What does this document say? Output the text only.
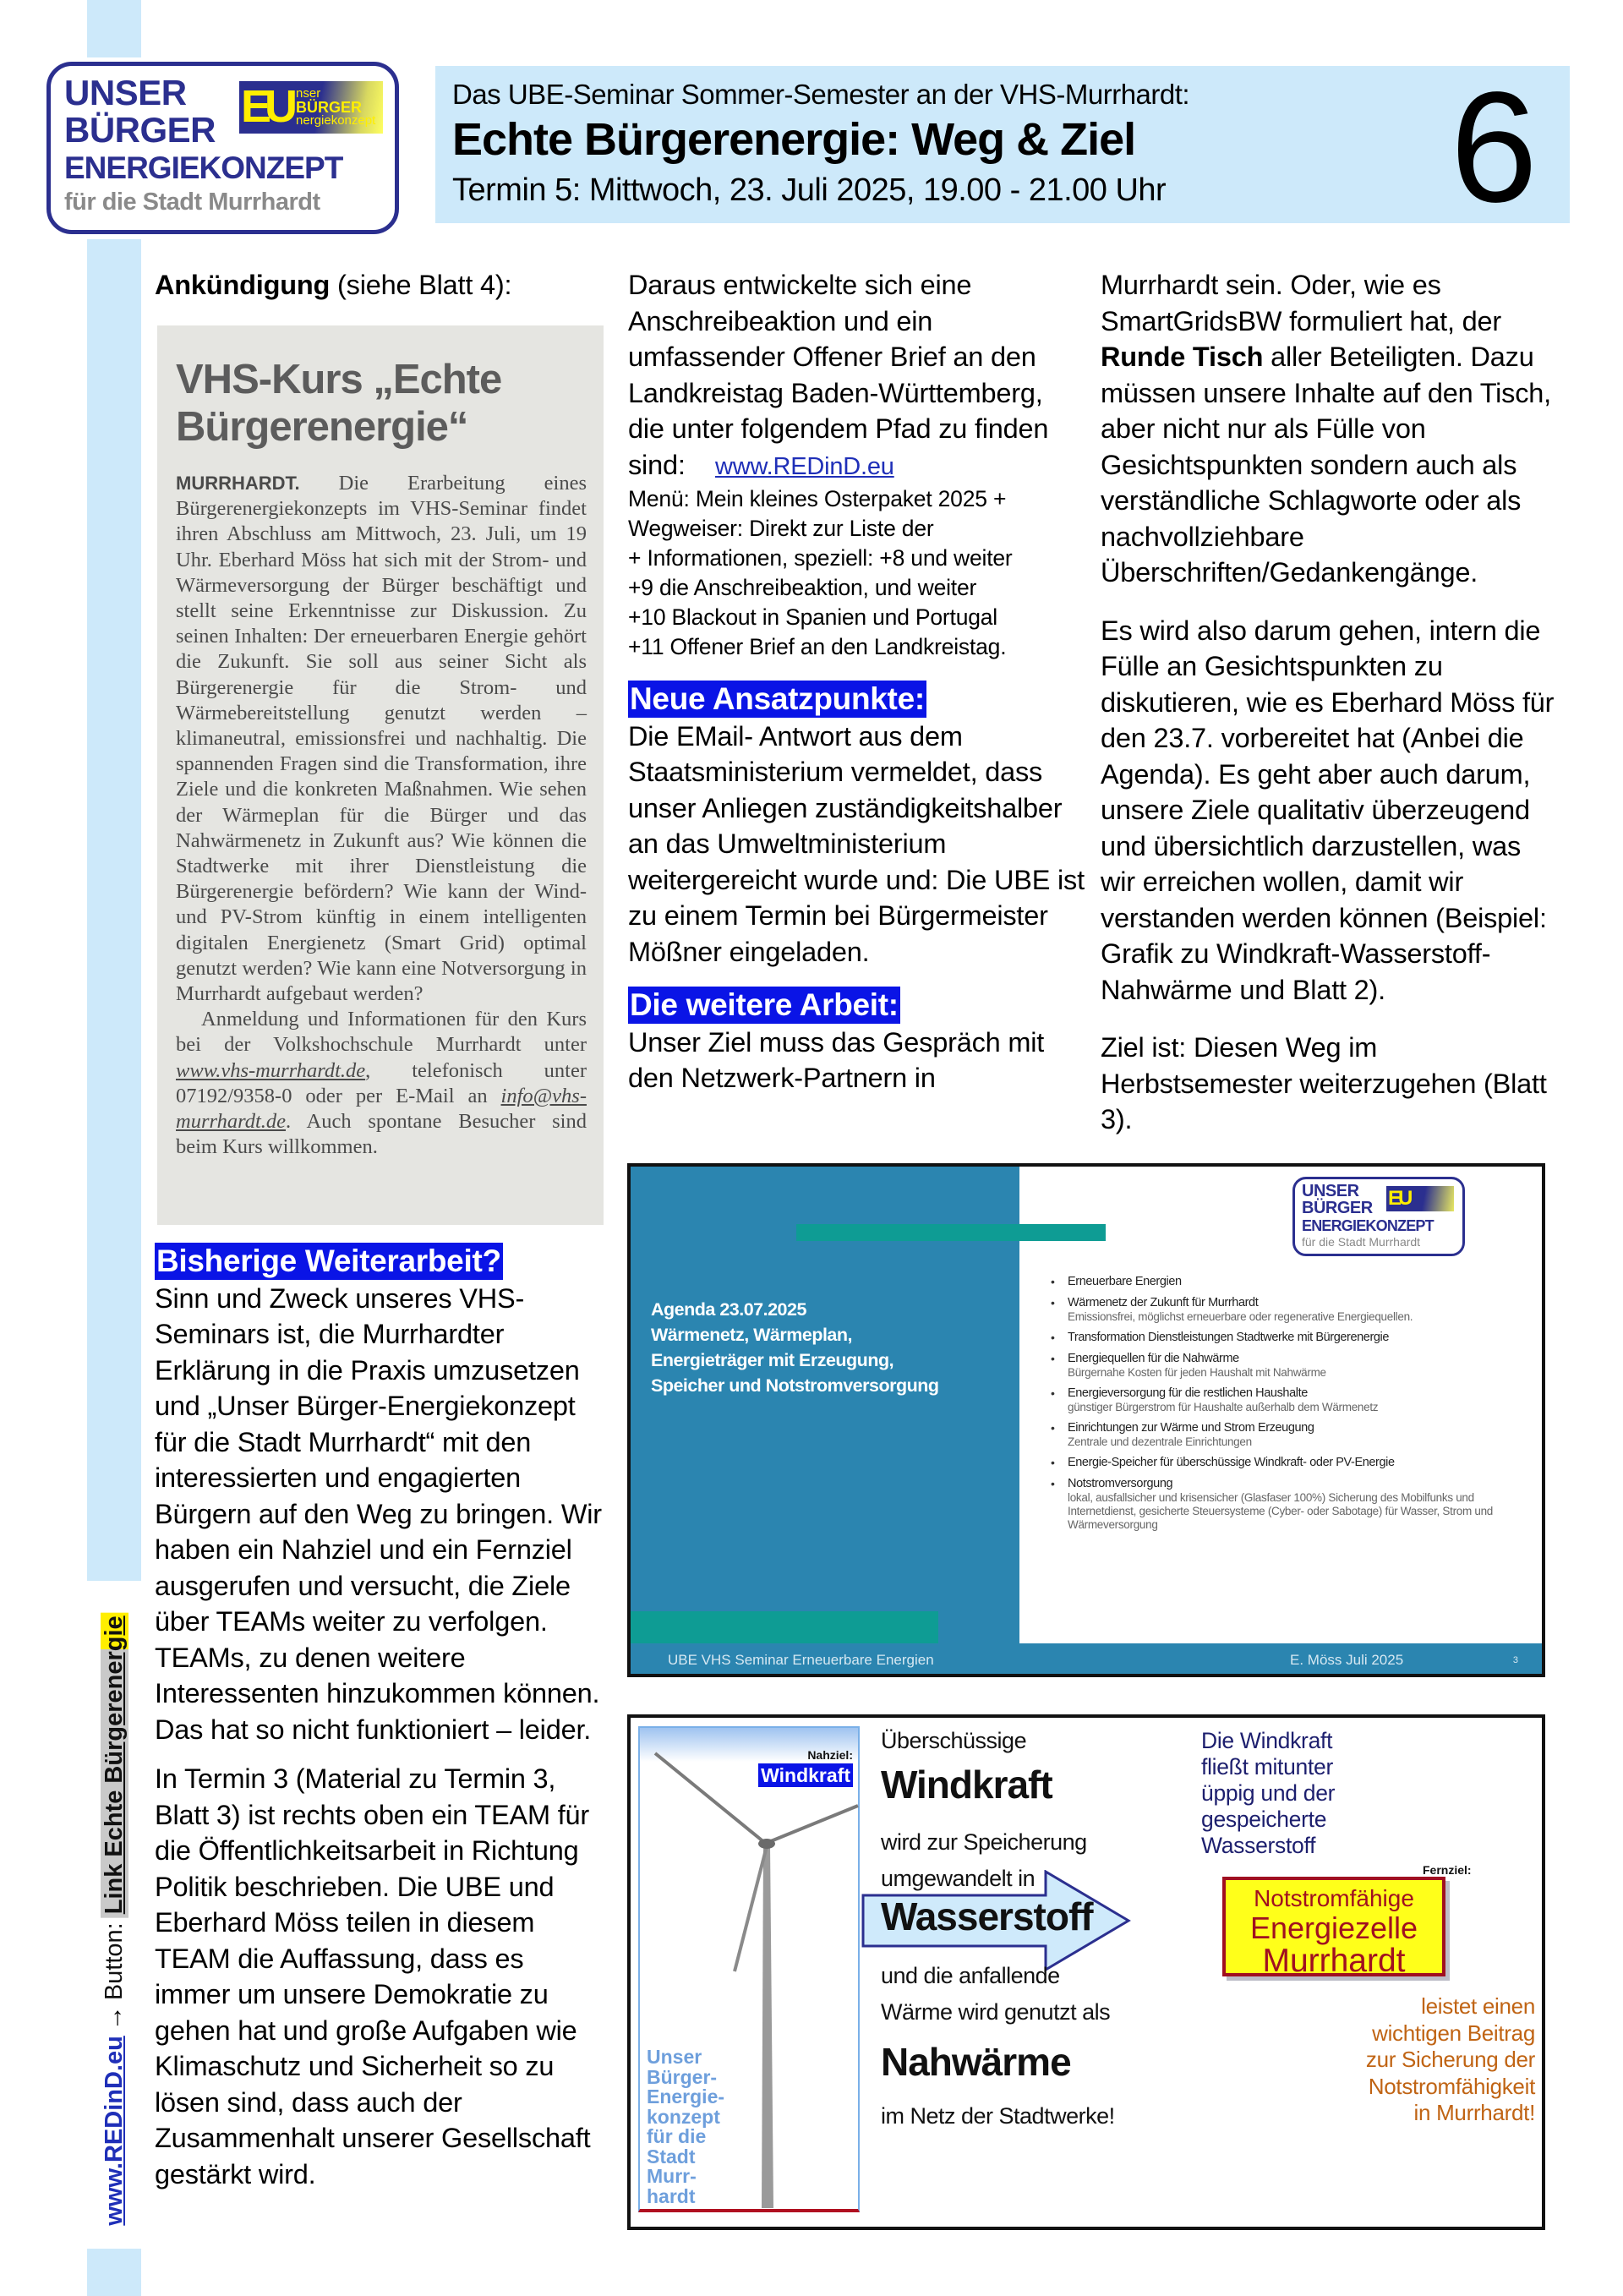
www.REDinD.eu
→
Button:
Link Echte Bürgerenergie
UNSER
BÜRGER
ENERGIEKONZEPT
für die Stadt Murrhardt
EU nser
BÜRGER
nergiekonzept
Das UBE-Seminar Sommer-Semester an der VHS-Murrhardt:
Echte Bürgerenergie: Weg & Ziel
Termin 5: Mittwoch, 23. Juli 2025, 19.00 - 21.00 Uhr 6

Ankündigung (siehe Blatt 4):

VHS-Kurs „Echte
Bürgerenergie“
MURRHARDT. Die Erarbeitung eines Bürgerenergiekonzepts im VHS-Seminar findet ihren Abschluss am Mittwoch, 23. Juli, um 19 Uhr. Eberhard Möss hat sich mit der Strom- und Wärmeversorgung der Bürger beschäftigt und stellt seine Erkenntnisse zur Diskussion. Zu seinen Inhalten: Der erneuerbaren Energie gehört die Zukunft. Sie soll aus seiner Sicht als Bürgerenergie für die Strom- und Wärmebereitstellung genutzt werden – klimaneutral, emissionsfrei und nachhaltig. Die spannenden Fragen sind die Transformation, ihre Ziele und die konkreten Maßnahmen. Wie sehen der Wärmeplan für die Bürger und das Nahwärmenetz in Zukunft aus? Wie können die Stadtwerke mit ihrer Dienstleistung die Bürgerenergie befördern? Wie kann der Wind- und PV-Strom künftig in einem intelligenten digitalen Energienetz (Smart Grid) optimal genutzt werden? Wie kann eine Notversorgung in Murrhardt aufgebaut werden?
Anmeldung und Informationen für den Kurs bei der Volkshochschule Murrhardt unter www.vhs-murrhardt.de, telefonisch unter 07192/9358-0 oder per E-Mail an info@vhs-murrhardt.de. Auch spontane Besucher sind beim Kurs willkommen.
Bisherige Weiterarbeit?

Sinn und Zweck unseres VHS-Seminars ist, die Murrhardter Erklärung in die Praxis umzusetzen und „Unser Bürger-Energiekonzept für die Stadt Murrhardt“ mit den interessierten und engagierten Bürgern auf den Weg zu bringen. Wir haben ein Nahziel und ein Fernziel ausgerufen und versucht, die Ziele über TEAMs weiter zu verfolgen. TEAMs, zu denen weitere Interessenten hinzukommen können. Das hat so nicht funktioniert – leider.

In Termin 3 (Material zu Termin 3, Blatt 3) ist rechts oben ein TEAM für die Öffentlichkeitsarbeit in Richtung Politik beschrieben. Die UBE und Eberhard Möss teilen in diesem TEAM die Auffassung, dass es immer um unsere Demokratie zu gehen hat und große Aufgaben wie Klimaschutz und Sicherheit so zu lösen sind, dass auch der Zusammenhalt unserer Gesellschaft gestärkt wird.

Daraus entwickelte sich eine Anschreibeaktion und ein umfassender Offener Brief an den Landkreistag Baden-Württemberg, die unter folgendem Pfad zu finden sind: www.REDinD.eu

Menü: Mein kleines Osterpaket 2025 +
Wegweiser: Direkt zur Liste der
+ Informationen, speziell: +8 und weiter
+9 die Anschreibeaktion, und weiter
+10 Blackout in Spanien und Portugal
+11 Offener Brief an den Landkreistag.
Neue Ansatzpunkte:

Die EMail- Antwort aus dem Staatsministerium vermeldet, dass unser Anliegen zuständigkeitshalber an das Umweltministerium weitergereicht wurde und: Die UBE ist zu einem Termin bei Bürgermeister Mößner eingeladen.

Die weitere Arbeit:

Unser Ziel muss das Gespräch mit den Netzwerk-Partnern in

Murrhardt sein. Oder, wie es SmartGridsBW formuliert hat, der Runde Tisch aller Beteiligten. Dazu müssen unsere Inhalte auf den Tisch, aber nicht nur als Fülle von Gesichtspunkten sondern auch als verständliche Schlagworte oder als nachvollziehbare Überschriften/Gedankengänge.

Es wird also darum gehen, intern die Fülle an Gesichtspunkten zu diskutieren, wie es Eberhard Möss für den 23.7. vorbereitet hat (Anbei die Agenda). Es geht aber auch darum, unsere Ziele qualitativ überzeugend und übersichtlich darzustellen, was wir erreichen wollen, damit wir verstanden werden können (Beispiel: Grafik zu Windkraft-Wasserstoff-Nahwärme und Blatt 2).

Ziel ist: Diesen Weg im Herbstsemester weiterzugehen (Blatt 3).

Agenda 23.07.2025
Wärmenetz, Wärmeplan,
Energieträger mit Erzeugung,
Speicher und Notstromversorgung
UNSER
BÜRGER
ENERGIEKONZEPT
für die Stadt Murrhardt
EU
• Erneuerbare Energien
• Wärmenetz der Zukunft für Murrhardt
Emissionsfrei, möglichst erneuerbare oder regenerative Energiequellen.
• Transformation Dienstleistungen Stadtwerke mit Bürgerenergie
• Energiequellen für die Nahwärme
Bürgernahe Kosten für jeden Haushalt mit Nahwärme
• Energieversorgung für die restlichen Haushalte
günstiger Bürgerstrom für Haushalte außerhalb dem Wärmenetz
• Einrichtungen zur Wärme und Strom Erzeugung
Zentrale und dezentrale Einrichtungen
• Energie-Speicher für überschüssige Windkraft- oder PV-Energie
• Notstromversorgung
lokal, ausfallsicher und krisensicher (Glasfaser 100%) Sicherung des Mobilfunks und Internetdienst, gesicherte Steuersysteme (Cyber- oder Sabotage) für Wasser, Strom und Wärmeversorgung
UBE VHS Seminar Erneuerbare Energien	E. Möss Juli 2025	3
Nahziel:
Windkraft
Unser
Bürger-
Energie-
konzept
für die
Stadt
Murr-
hardt
Überschüssige
Windkraft
wird zur Speicherung
umgewandelt in
Wasserstoff
und die anfallende
Wärme wird genutzt als
Nahwärme
im Netz der Stadtwerke!
Die Windkraft
fließt mitunter
üppig und der
gespeicherte
Wasserstoff
Fernziel:
Notstromfähige
Energiezelle
Murrhardt
leistet einen
wichtigen Beitrag
zur Sicherung der
Notstromfähigkeit
in Murrhardt!
